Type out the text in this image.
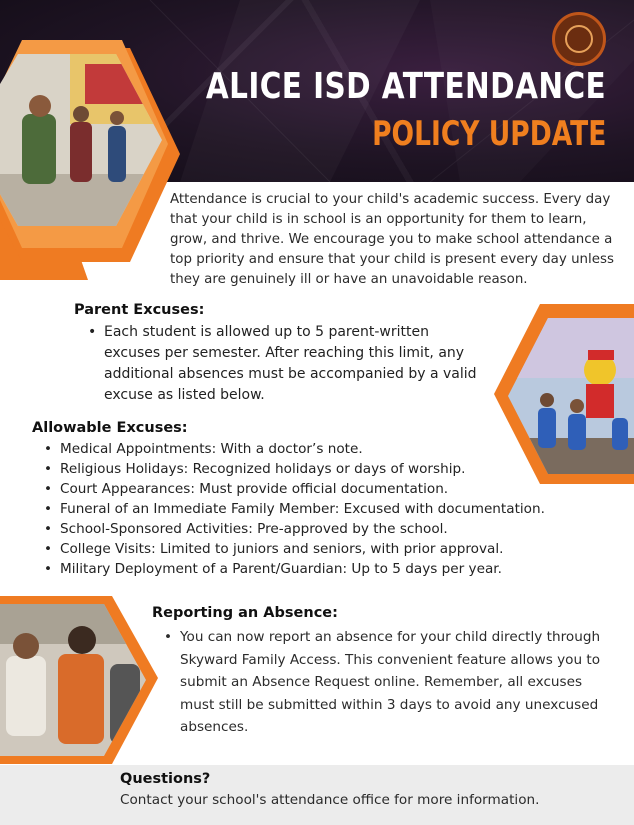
ALICE ISD ATTENDANCE
POLICY UPDATE
Attendance is crucial to your child's academic success. Every day that your child is in school is an opportunity for them to learn, grow, and thrive. We encourage you to make school attendance a top priority and ensure that your child is present every day unless they are genuinely ill or have an unavoidable reason.
Parent Excuses:
• Each student is allowed up to 5 parent-written excuses per semester. After reaching this limit, any additional absences must be accompanied by a valid excuse as listed below.
Allowable Excuses:
• Medical Appointments: With a doctor’s note.
• Religious Holidays: Recognized holidays or days of worship.
• Court Appearances: Must provide official documentation.
• Funeral of an Immediate Family Member: Excused with documentation.
• School-Sponsored Activities: Pre-approved by the school.
• College Visits: Limited to juniors and seniors, with prior approval.
• Military Deployment of a Parent/Guardian: Up to 5 days per year.
Reporting an Absence:
• You can now report an absence for your child directly through Skyward Family Access. This convenient feature allows you to submit an Absence Request online. Remember, all excuses must still be submitted within 3 days to avoid any unexcused absences.
Questions?
Contact your school's attendance office for more information.
